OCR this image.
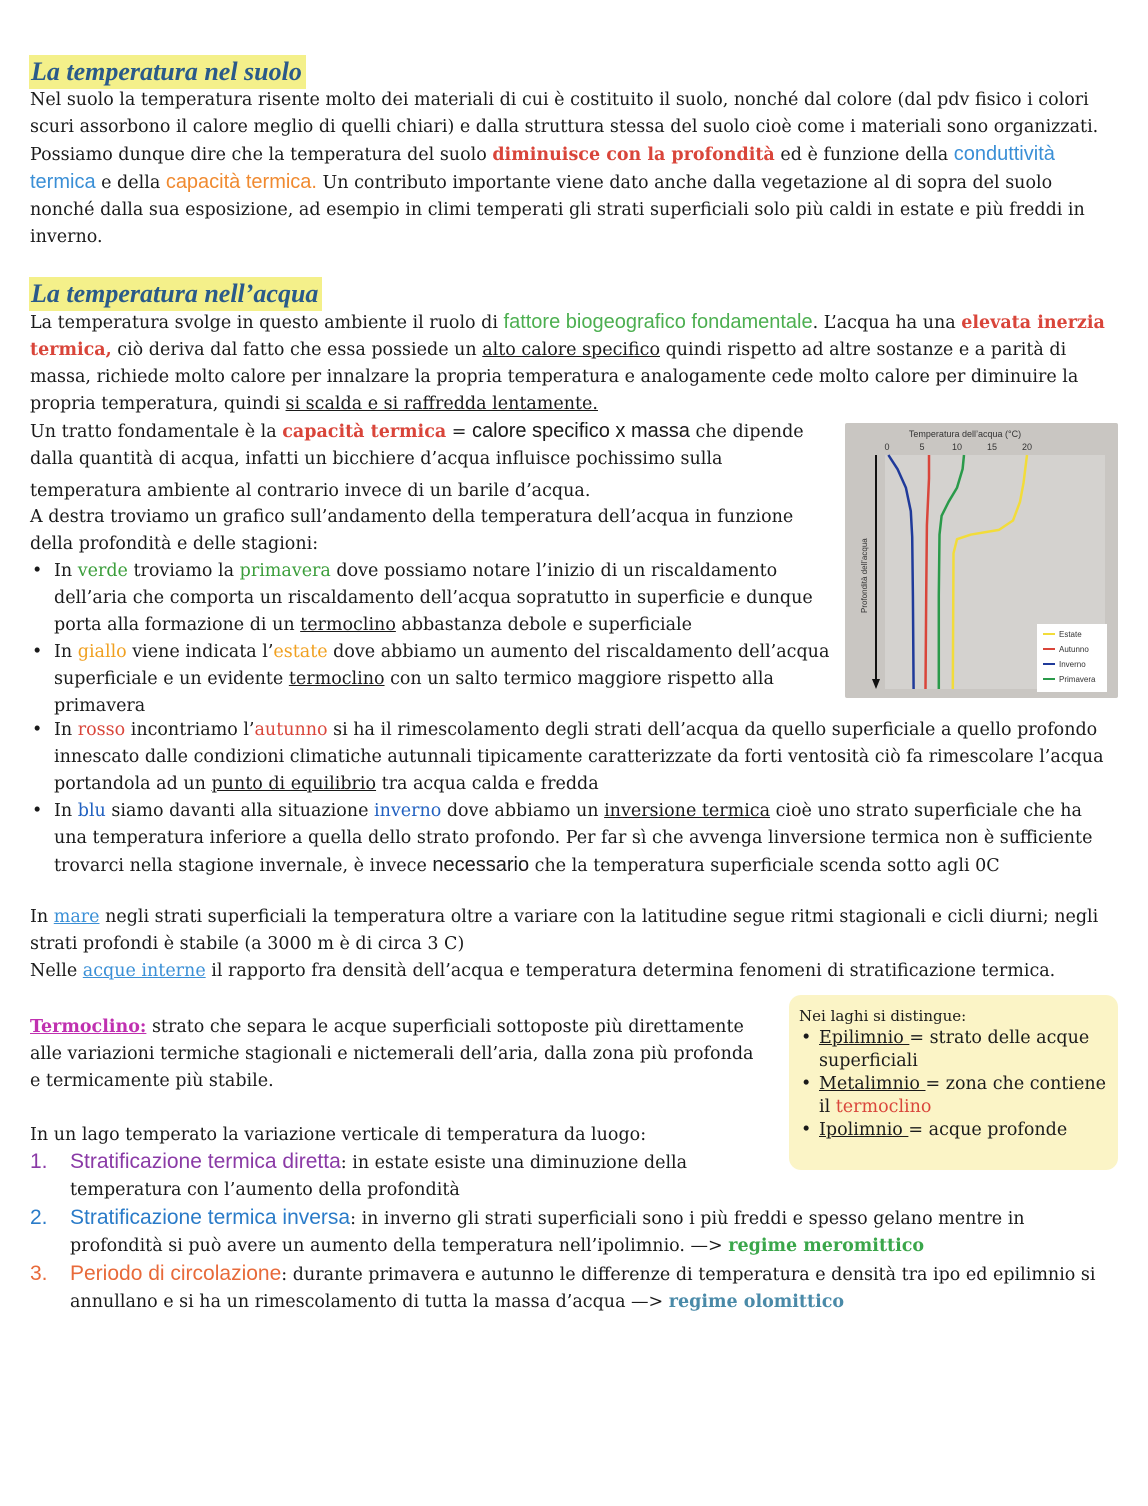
La temperatura nel suolo

Nel suolo la temperatura risente molto dei materiali di cui è costituito il suolo, nonché dal colore (dal pdv fisico i colori scuri assorbono il calore meglio di quelli chiari) e dalla struttura stessa del suolo cioè come i materiali sono organizzati. Possiamo dunque dire che la temperatura del suolo diminuisce con la profondità ed è funzione della conduttività termica e della capacità termica. Un contributo importante viene dato anche dalla vegetazione al di sopra del suolo nonché dalla sua esposizione, ad esempio in climi temperati gli strati superficiali solo più caldi in estate e più freddi in inverno.

La temperatura nell’acqua

La temperatura svolge in questo ambiente il ruolo di fattore biogeografico fondamentale. L’acqua ha una elevata inerzia termica, ciò deriva dal fatto che essa possiede un alto calore specifico quindi rispetto ad altre sostanze e a parità di massa, richiede molto calore per innalzare la propria temperatura e analogamente cede molto calore per diminuire la propria temperatura, quindi si scalda e si raffredda lentamente.

Un tratto fondamentale è la capacità termica = calore specifico x massa che dipende dalla quantità di acqua, infatti un bicchiere d’acqua influisce pochissimo sulla

temperatura ambiente al contrario invece di un barile d’acqua.

A destra troviamo un grafico sull’andamento della temperatura dell’acqua in funzione della profondità e delle stagioni:

• In verde troviamo la primavera dove possiamo notare l’inizio di un riscaldamento dell’aria che comporta un riscaldamento dell’acqua sopratutto in superficie e dunque porta alla formazione di un termoclino abbastanza debole e superficiale
• In giallo viene indicata l’estate dove abbiamo un aumento del riscaldamento dell’acqua superficiale e un evidente termoclino con un salto termico maggiore rispetto alla primavera
• In rosso incontriamo l’autunno si ha il rimescolamento degli strati dell’acqua da quello superficiale a quello profondo innescato dalle condizioni climatiche autunnali tipicamente caratterizzate da forti ventosità ciò fa rimescolare l’acqua portandola ad un punto di equilibrio tra acqua calda e fredda
• In blu siamo davanti alla situazione inverno dove abbiamo un inversione termica cioè uno strato superficiale che ha una temperatura inferiore a quella dello strato profondo. Per far sì che avvenga linversione termica non è sufficiente trovarci nella stagione invernale, è invece necessario che la temperatura superficiale scenda sotto agli 0C

In mare negli strati superficiali la temperatura oltre a variare con la latitudine segue ritmi stagionali e cicli diurni; negli strati profondi è stabile (a 3000 m è di circa 3 C)

Nelle acque interne il rapporto fra densità dell’acqua e temperatura determina fenomeni di stratificazione termica.

Temperatura dell’acqua (°C)
0	5	10	15	20
Profondità dell’acqua
Estate
Autunno
Inverno
Primavera

Termoclino: strato che separa le acque superficiali sottoposte più direttamente alle variazioni termiche stagionali e nictemerali dell’aria, dalla zona più profonda e termicamente più stabile.

Nei laghi si distingue:

• Epilimnio = strato delle acque superficiali
• Metalimnio = zona che contiene il termoclino
• Ipolimnio = acque profonde

In un lago temperato la variazione verticale di temperatura da luogo:

1. Stratificazione termica diretta: in estate esiste una diminuzione della temperatura con l’aumento della profondità
2. Stratificazione termica inversa: in inverno gli strati superficiali sono i più freddi e spesso gelano mentre in profondità si può avere un aumento della temperatura nell’ipolimnio. —> regime meromittico
3. Periodo di circolazione: durante primavera e autunno le differenze di temperatura e densità tra ipo ed epilimnio si annullano e si ha un rimescolamento di tutta la massa d’acqua —> regime olomittico
